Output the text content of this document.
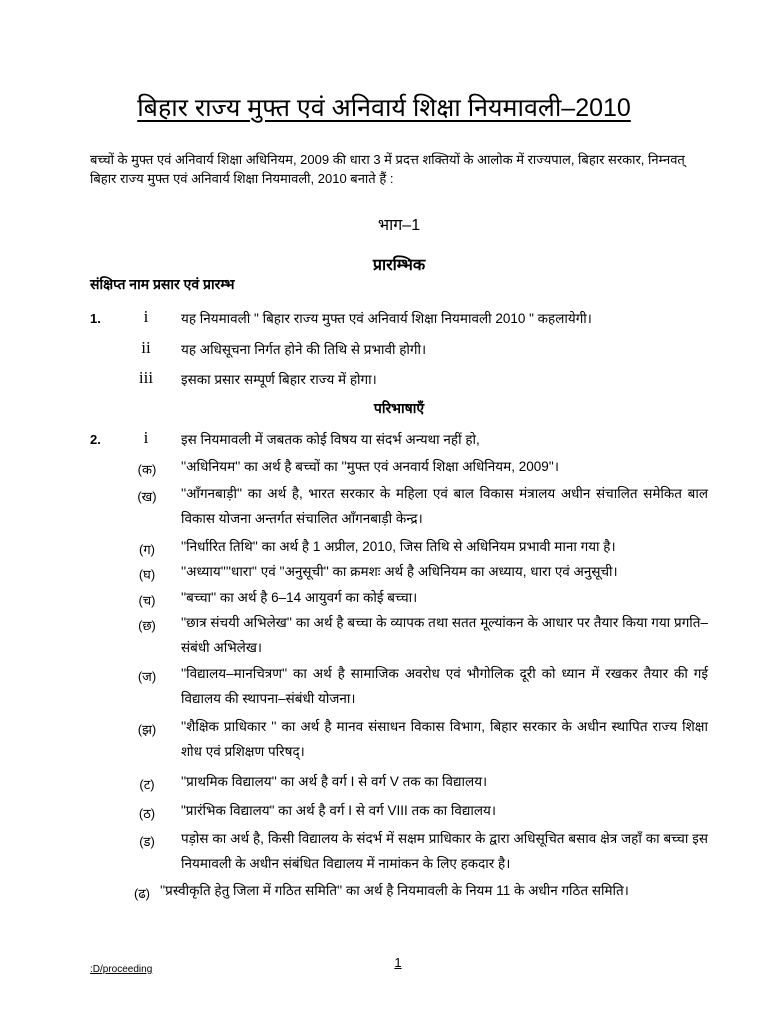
बिहार राज्य मुफ्त एवं अनिवार्य शिक्षा नियमावली–2010
बच्चों के मुफ्त एवं अनिवार्य शिक्षा अधिनियम, 2009 की धारा 3 में प्रदत्त शक्तियों के आलोक में राज्यपाल, बिहार सरकार, निम्नवत् बिहार राज्य मुफ्त एवं अनिवार्य शिक्षा नियमावली, 2010 बनाते हैं :
भाग–1
प्रारम्भिक
संक्षिप्त नाम प्रसार एवं प्रारम्भ
1.	i	यह नियमावली " बिहार राज्य मुफ्त एवं अनिवार्य शिक्षा नियमावली 2010 " कहलायेगी।
ii	यह अधिसूचना निर्गत होने की तिथि से प्रभावी होगी।
iii	इसका प्रसार सम्पूर्ण बिहार राज्य में होगा।
परिभाषाएँ
2.	i	इस नियमावली में जबतक कोई विषय या संदर्भ अन्यथा नहीं हो,
(क) ''अधिनियम'' का अर्थ है बच्चों का ''मुफ्त एवं अनवार्य शिक्षा अधिनियम, 2009''।
(ख) ''आँगनबाड़ी'' का अर्थ है, भारत सरकार के महिला एवं बाल विकास मंत्रालय अधीन संचालित समेकित बाल विकास योजना अन्तर्गत संचालित आँगनबाड़ी केन्द्र।
(ग)	''निर्धारित तिथि'' का अर्थ है 1 अप्रील, 2010, जिस तिथि से अधिनियम प्रभावी माना गया है।
(घ)	''अध्याय''''धारा'' एवं ''अनुसूची'' का क्रमशः अर्थ है अधिनियम का अध्याय, धारा एवं अनुसूची।
(च)	''बच्चा'' का अर्थ है 6–14 आयुवर्ग का कोई बच्चा।
(छ)	''छात्र संचयी अभिलेख'' का अर्थ है बच्चा के व्यापक तथा सतत मूल्यांकन के आधार पर तैयार किया गया प्रगति–संबंधी अभिलेख।
(ज) ''विद्यालय–मानचित्रण'' का अर्थ है सामाजिक अवरोध एवं भौगोलिक दूरी को ध्यान में रखकर तैयार की गई विद्यालय की स्थापना–संबंधी योजना।
(झ) ''शैक्षिक प्राधिकार '' का अर्थ है मानव संसाधन विकास विभाग, बिहार सरकार के अधीन स्थापित राज्य शिक्षा शोध एवं प्रशिक्षण परिषद्।
(ट)	''प्राथमिक विद्यालय'' का अर्थ है वर्ग I से वर्ग V तक का विद्यालय।
(ठ)	"प्रारंभिक विद्यालय" का अर्थ है वर्ग I से वर्ग VIII तक का विद्यालय।
(ड)	पड़ोस का अर्थ है, किसी विद्यालय के संदर्भ में सक्षम प्राधिकार के द्वारा अधिसूचित बसाव क्षेत्र जहाँ का बच्चा इस नियमावली के अधीन संबंधित विद्यालय में नामांकन के लिए हकदार है।
(ढ) ''प्रस्वीकृति हेतु जिला में गठित समिति'' का अर्थ है नियमावली के नियम 11 के अधीन गठित समिति।
1
:D/proceeding
